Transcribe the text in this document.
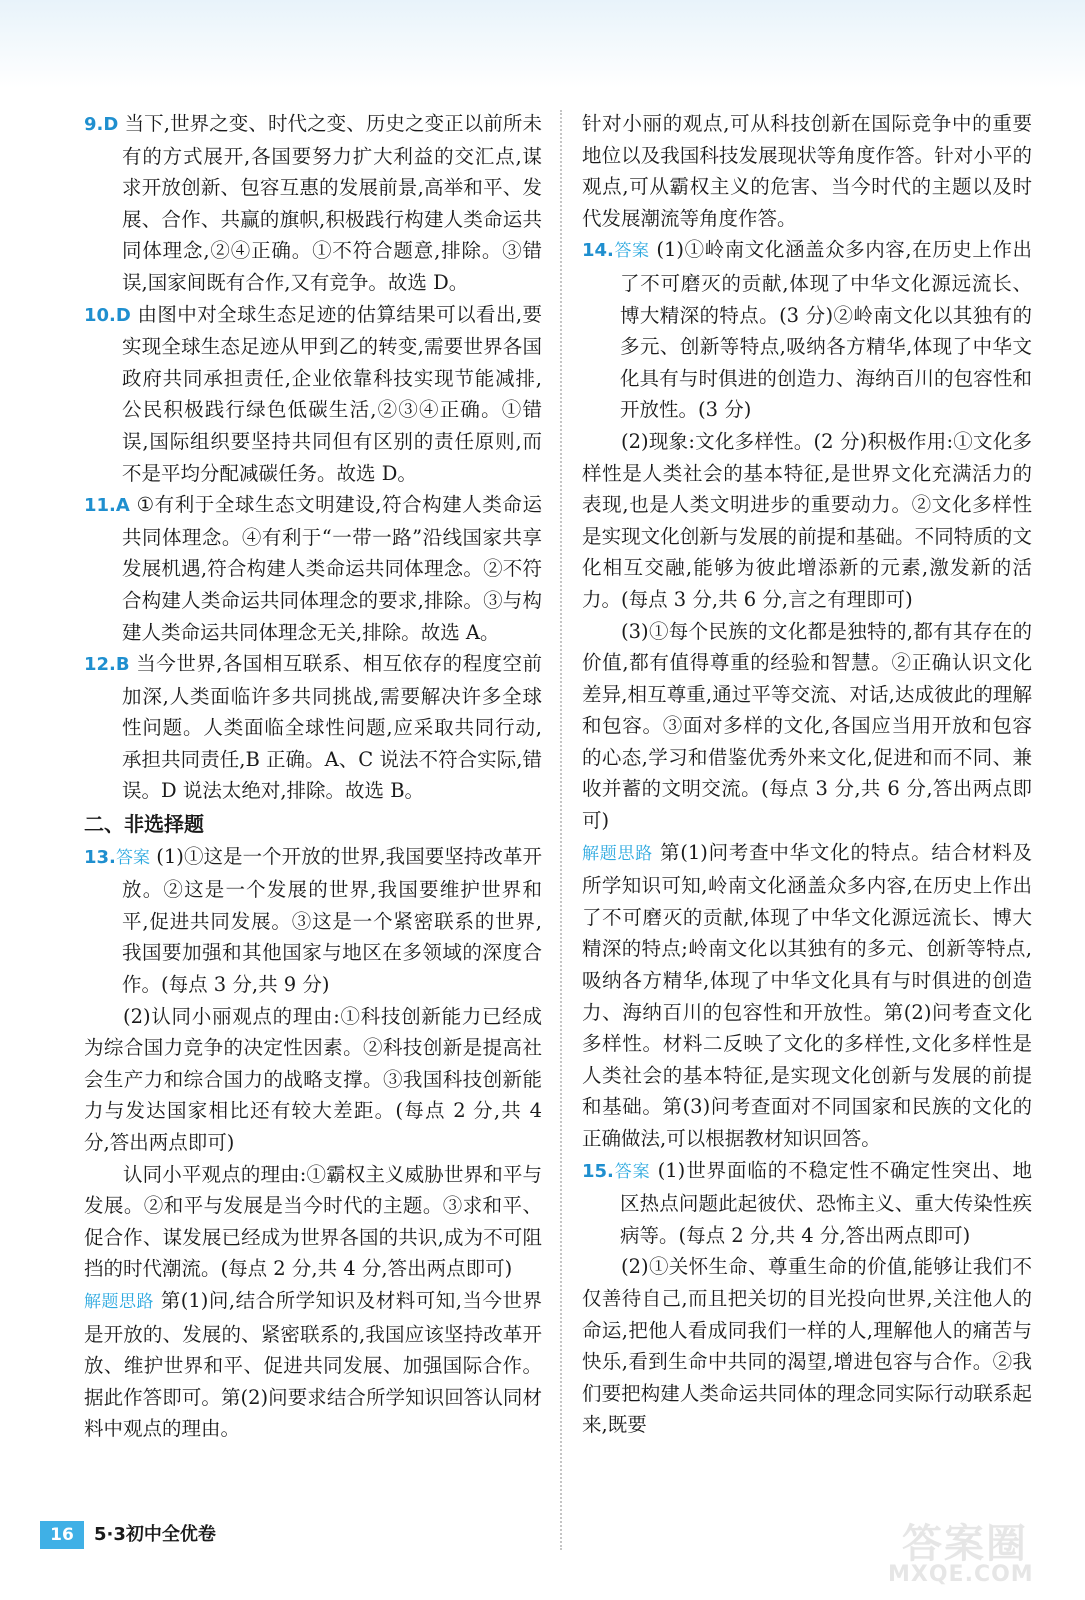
9.D 当下,世界之变、时代之变、历史之变正以前所未有的方式展开,各国要努力扩大利益的交汇点,谋求开放创新、包容互惠的发展前景,高举和平、发展、合作、共赢的旗帜,积极践行构建人类命运共同体理念,②④正确。①不符合题意,排除。③错误,国家间既有合作,又有竞争。故选 D。

10.D 由图中对全球生态足迹的估算结果可以看出,要实现全球生态足迹从甲到乙的转变,需要世界各国政府共同承担责任,企业依靠科技实现节能减排,公民积极践行绿色低碳生活,②③④正确。①错误,国际组织要坚持共同但有区别的责任原则,而不是平均分配减碳任务。故选 D。

11.A ①有利于全球生态文明建设,符合构建人类命运共同体理念。④有利于“一带一路”沿线国家共享发展机遇,符合构建人类命运共同体理念。②不符合构建人类命运共同体理念的要求,排除。③与构建人类命运共同体理念无关,排除。故选 A。

12.B 当今世界,各国相互联系、相互依存的程度空前加深,人类面临许多共同挑战,需要解决许多全球性问题。人类面临全球性问题,应采取共同行动,承担共同责任,B 正确。A、C 说法不符合实际,错误。D 说法太绝对,排除。故选 B。

二、非选择题

13.答案 (1)①这是一个开放的世界,我国要坚持改革开放。②这是一个发展的世界,我国要维护世界和平,促进共同发展。③这是一个紧密联系的世界,我国要加强和其他国家与地区在多领域的深度合作。(每点 3 分,共 9 分)

(2)认同小丽观点的理由:①科技创新能力已经成为综合国力竞争的决定性因素。②科技创新是提高社会生产力和综合国力的战略支撑。③我国科技创新能力与发达国家相比还有较大差距。(每点 2 分,共 4 分,答出两点即可)

认同小平观点的理由:①霸权主义威胁世界和平与发展。②和平与发展是当今时代的主题。③求和平、促合作、谋发展已经成为世界各国的共识,成为不可阻挡的时代潮流。(每点 2 分,共 4 分,答出两点即可)

解题思路 第(1)问,结合所学知识及材料可知,当今世界是开放的、发展的、紧密联系的,我国应该坚持改革开放、维护世界和平、促进共同发展、加强国际合作。据此作答即可。第(2)问要求结合所学知识回答认同材料中观点的理由。

针对小丽的观点,可从科技创新在国际竞争中的重要地位以及我国科技发展现状等角度作答。针对小平的观点,可从霸权主义的危害、当今时代的主题以及时代发展潮流等角度作答。

14.答案 (1)①岭南文化涵盖众多内容,在历史上作出了不可磨灭的贡献,体现了中华文化源远流长、博大精深的特点。(3 分)②岭南文化以其独有的多元、创新等特点,吸纳各方精华,体现了中华文化具有与时俱进的创造力、海纳百川的包容性和开放性。(3 分)

(2)现象:文化多样性。(2 分)积极作用:①文化多样性是人类社会的基本特征,是世界文化充满活力的表现,也是人类文明进步的重要动力。②文化多样性是实现文化创新与发展的前提和基础。不同特质的文化相互交融,能够为彼此增添新的元素,激发新的活力。(每点 3 分,共 6 分,言之有理即可)

(3)①每个民族的文化都是独特的,都有其存在的价值,都有值得尊重的经验和智慧。②正确认识文化差异,相互尊重,通过平等交流、对话,达成彼此的理解和包容。③面对多样的文化,各国应当用开放和包容的心态,学习和借鉴优秀外来文化,促进和而不同、兼收并蓄的文明交流。(每点 3 分,共 6 分,答出两点即可)

解题思路 第(1)问考查中华文化的特点。结合材料及所学知识可知,岭南文化涵盖众多内容,在历史上作出了不可磨灭的贡献,体现了中华文化源远流长、博大精深的特点;岭南文化以其独有的多元、创新等特点,吸纳各方精华,体现了中华文化具有与时俱进的创造力、海纳百川的包容性和开放性。第(2)问考查文化多样性。材料二反映了文化的多样性,文化多样性是人类社会的基本特征,是实现文化创新与发展的前提和基础。第(3)问考查面对不同国家和民族的文化的正确做法,可以根据教材知识回答。

15.答案 (1)世界面临的不稳定性不确定性突出、地区热点问题此起彼伏、恐怖主义、重大传染性疾病等。(每点 2 分,共 4 分,答出两点即可)

(2)①关怀生命、尊重生命的价值,能够让我们不仅善待自己,而且把关切的目光投向世界,关注他人的命运,把他人看成同我们一样的人,理解他人的痛苦与快乐,看到生命中共同的渴望,增进包容与合作。②我们要把构建人类命运共同体的理念同实际行动联系起来,既要

16	5·3初中全优卷	答案圈
MXQE.COM
